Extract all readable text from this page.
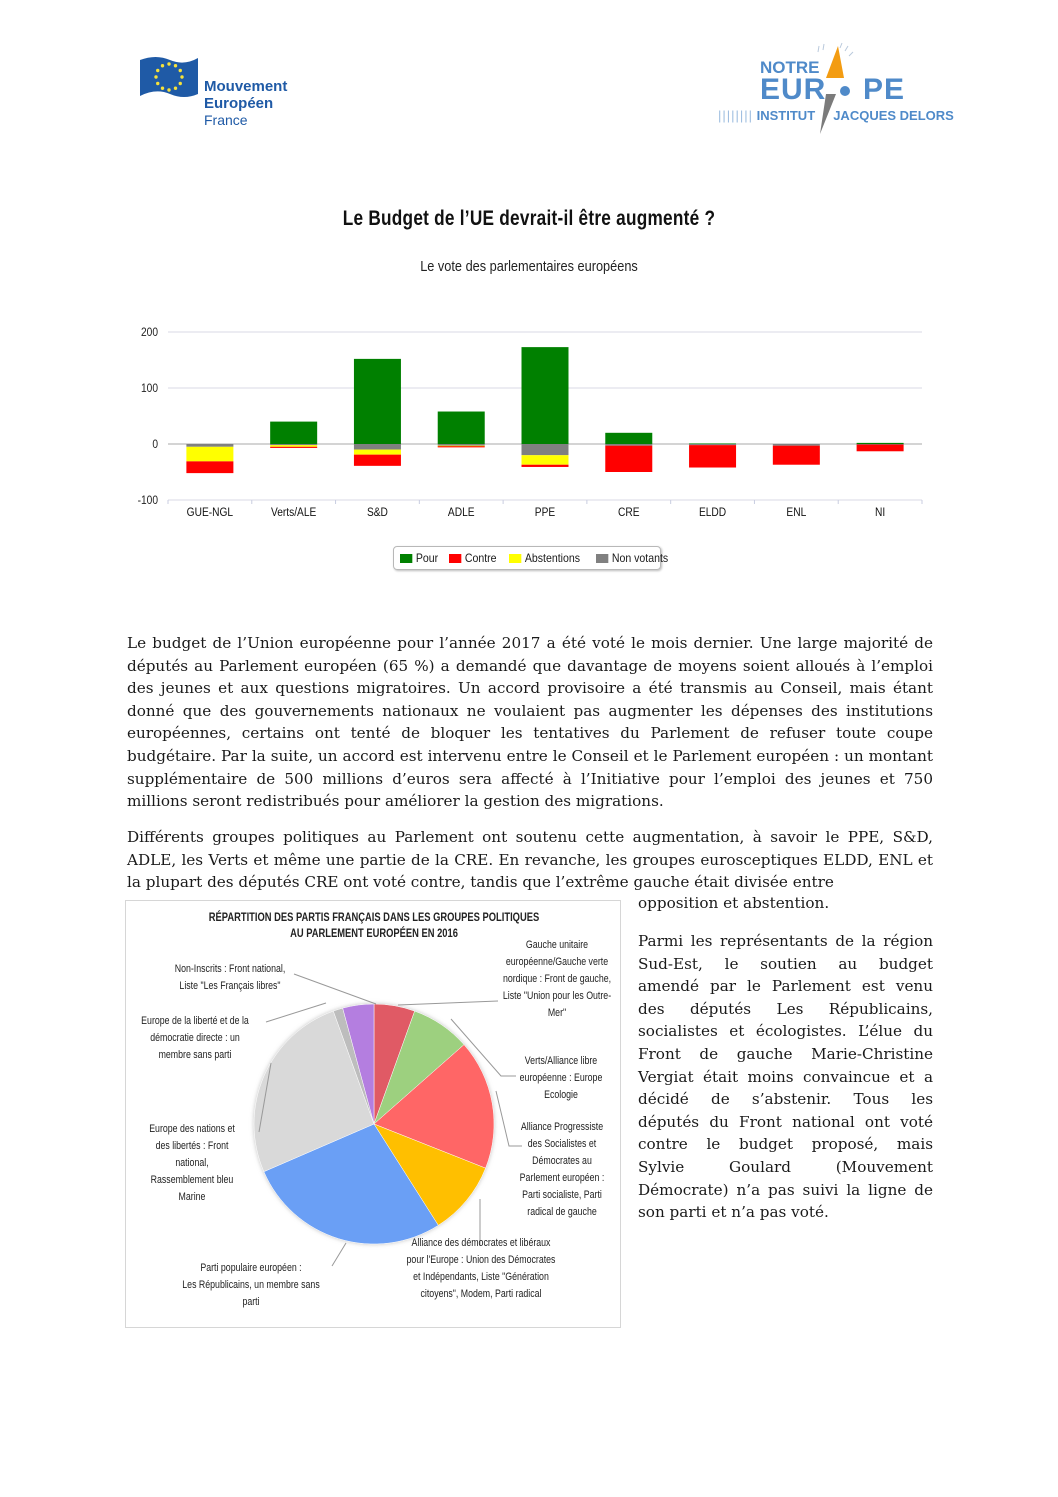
Mouvement
Européen
France
NOTRE
EUR PE
|||||||| INSTITUT JACQUES DELORS
Le Budget de l’UE devrait-il être augmenté ?
Le vote des parlementaires européens
200
100
0
-100
GUE-NGL	Verts/ALE	S&D	ADLE	PPE	CRE	ELDD	ENL	NI
Pour Contre Abstentions	Non votants
Le budget de l’Union européenne pour l’année 2017 a été voté le mois dernier. Une large majorité de députés au Parlement européen (65 %) a demandé que davantage de moyens soient alloués à l’emploi des jeunes et aux questions migratoires. Un accord provisoire a été transmis au Conseil, mais étant donné que des gouvernements nationaux ne voulaient pas augmenter les dépenses des institutions européennes, certains ont tenté de bloquer les tentatives du Parlement de refuser toute coupe budgétaire. Par la suite, un accord est intervenu entre le Conseil et le Parlement européen : un montant supplémentaire de 500 millions d’euros sera affecté à l’Initiative pour l’emploi des jeunes et 750 millions seront redistribués pour améliorer la gestion des migrations.
Différents groupes politiques au Parlement ont soutenu cette augmentation, à savoir le PPE, S&D, ADLE, les Verts et même une partie de la CRE. En revanche, les groupes eurosceptiques ELDD, ENL et la plupart des députés CRE ont voté contre, tandis que l’extrême gauche était divisée entre
opposition et abstention.
Parmi les représentants de la région
Sud-Est, le soutien au budget
amendé par le Parlement est venu
des députés Les Républicains,
socialistes et écologistes. L’élue du
Front de gauche Marie-Christine
Vergiat était moins convaincue et a
décidé de s’abstenir. Tous les
députés du Front national ont voté
contre le budget proposé, mais
Sylvie Goulard (Mouvement
Démocrate) n’a pas suivi la ligne de
son parti et n’a pas voté.
RÉPARTITION DES PARTIS FRANÇAIS DANS LES GROUPES POLITIQUES
AU PARLEMENT EUROPÉEN EN 2016
Gauche unitaire
européenne/Gauche verte
nordique : Front de gauche,
Liste "Union pour les Outre-
Mer"
Verts/Alliance libre
européenne : Europe
Ecologie
Alliance Progressiste
des Socialistes et
Démocrates au
Parlement européen :
Parti socialiste, Parti
radical de gauche
Alliance des démocrates et libéraux
pour l'Europe : Union des Démocrates
et Indépendants, Liste "Génération
citoyens", Modem, Parti radical
Parti populaire européen :
Les Républicains, un membre sans
parti
Europe des nations et
des libertés : Front
national,
Rassemblement bleu
Marine
Europe de la liberté et de la
démocratie directe : un
membre sans parti
Non-Inscrits : Front national,
Liste "Les Français libres"
